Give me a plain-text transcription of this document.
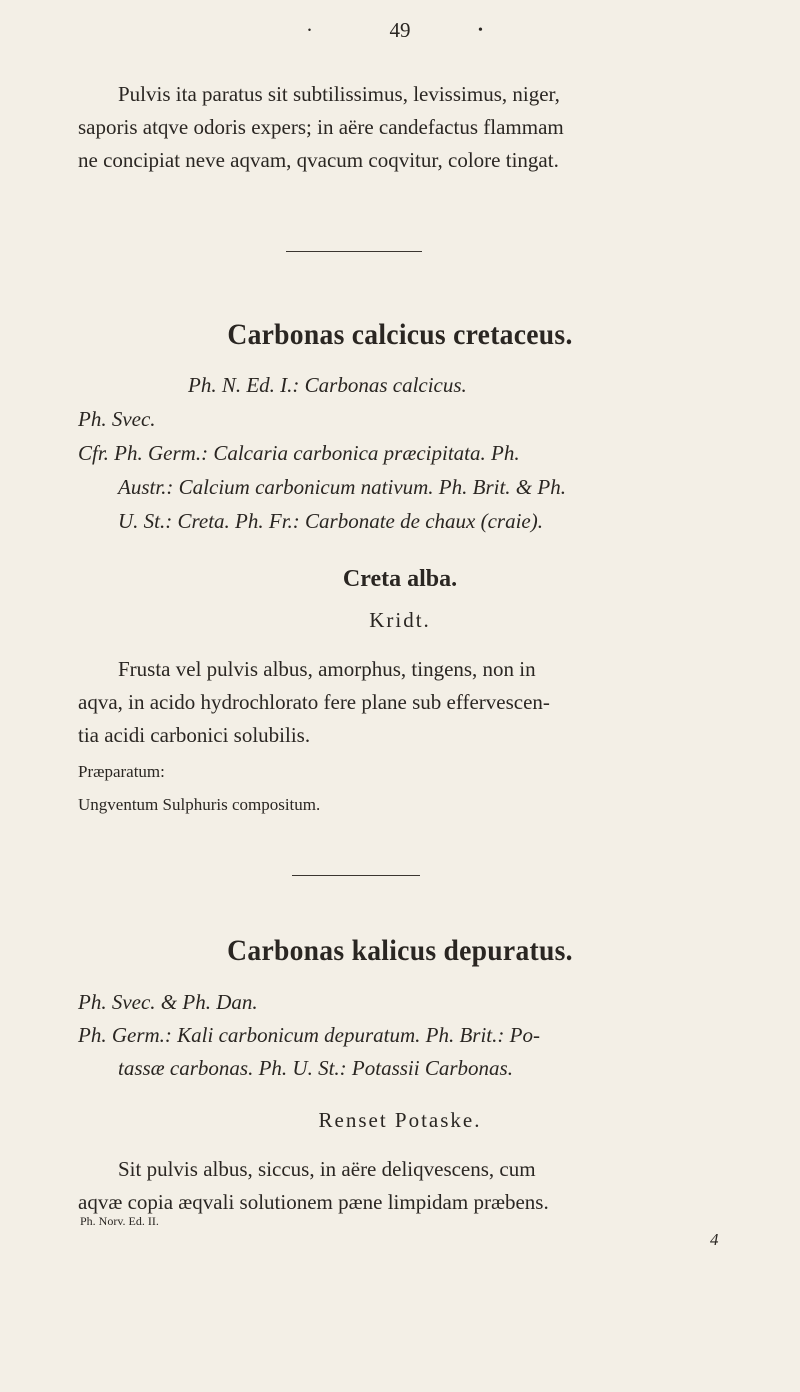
·	49	•
Pulvis ita paratus sit subtilissimus, levissimus, niger,
saporis atqve odoris expers; in aëre candefactus flammam
ne concipiat neve aqvam, qvacum coqvitur, colore tingat.
Carbonas calcicus cretaceus.
Ph. N. Ed. I.: Carbonas calcicus.
Ph. Svec.
Cfr. Ph. Germ.: Calcaria carbonica præcipitata. Ph.
Austr.: Calcium carbonicum nativum. Ph. Brit. & Ph.
U. St.: Creta. Ph. Fr.: Carbonate de chaux (craie).
Creta alba.
Kridt.
Frusta vel pulvis albus, amorphus, tingens, non in
aqva, in acido hydrochlorato fere plane sub effervescen-
tia acidi carbonici solubilis.
Præparatum:
Ungventum Sulphuris compositum.
Carbonas kalicus depuratus.
Ph. Svec. & Ph. Dan.
Ph. Germ.: Kali carbonicum depuratum. Ph. Brit.: Po-
tassæ carbonas. Ph. U. St.: Potassii Carbonas.
Renset Potaske.
Sit pulvis albus, siccus, in aëre deliqvescens, cum
aqvæ copia æqvali solutionem pæne limpidam præbens.
Ph. Norv. Ed. II.
4
